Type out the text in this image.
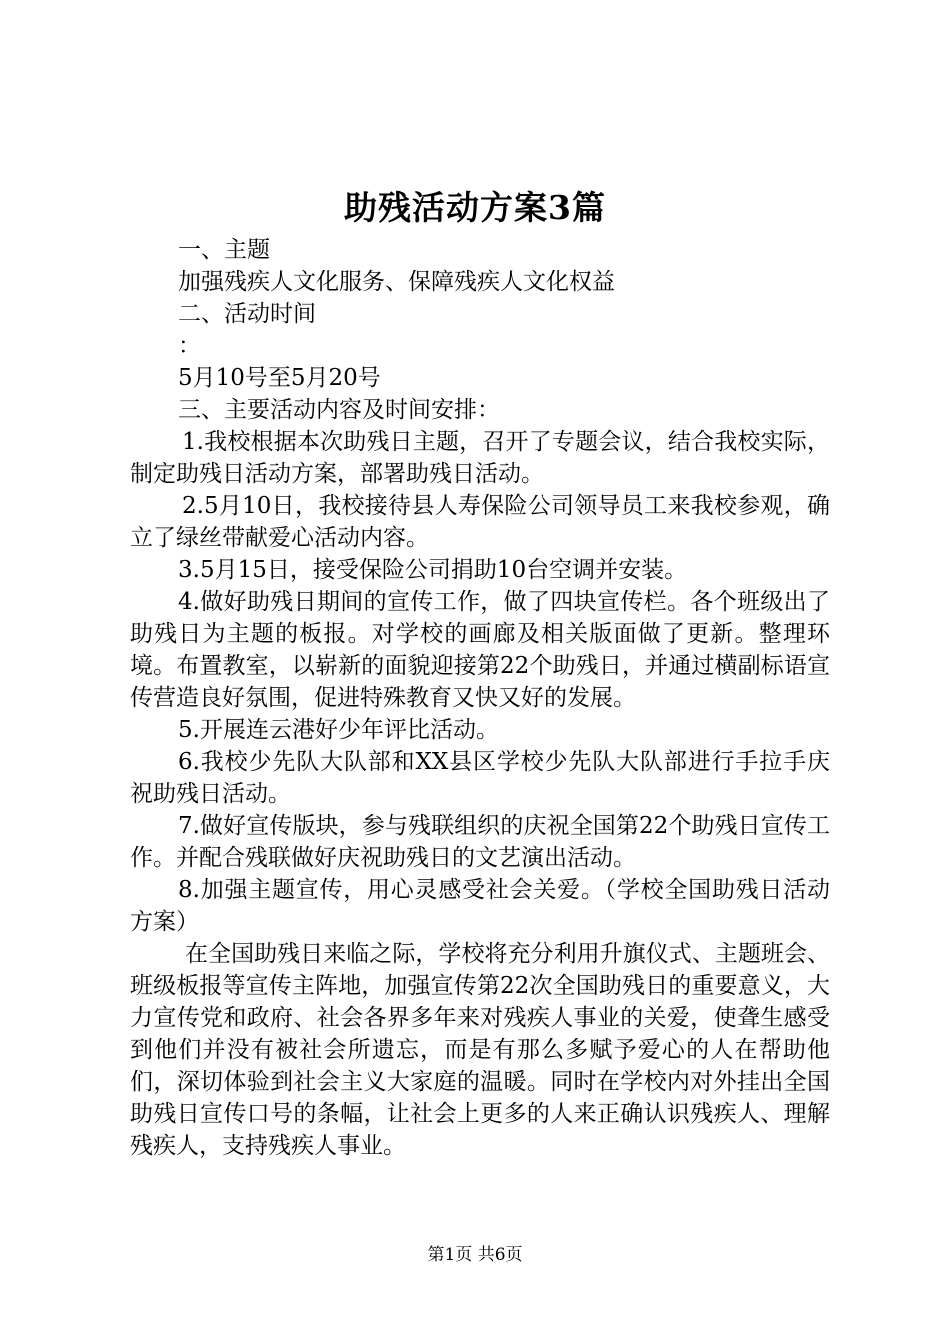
助残活动方案3篇

一、主题

加强残疾人文化服务、保障残疾人文化权益

二、活动时间

：

5月10号至5月20号

三、主要活动内容及时间安排：

1.我校根据本次助残日主题，召开了专题会议，结合我校实际，制定助残日活动方案，部署助残日活动。

2.5月10日，我校接待县人寿保险公司领导员工来我校参观，确立了绿丝带献爱心活动内容。

3.5月15日，接受保险公司捐助10台空调并安装。

4.做好助残日期间的宣传工作，做了四块宣传栏。各个班级出了助残日为主题的板报。对学校的画廊及相关版面做了更新。整理环境。布置教室，以崭新的面貌迎接第22个助残日，并通过横副标语宣传营造良好氛围，促进特殊教育又快又好的发展。

5.开展连云港好少年评比活动。

6.我校少先队大队部和XX县区学校少先队大队部进行手拉手庆祝助残日活动。

7.做好宣传版块，参与残联组织的庆祝全国第22个助残日宣传工作。并配合残联做好庆祝助残日的文艺演出活动。

8.加强主题宣传，用心灵感受社会关爱。（学校全国助残日活动方案）

在全国助残日来临之际，学校将充分利用升旗仪式、主题班会、班级板报等宣传主阵地，加强宣传第22次全国助残日的重要意义，大力宣传党和政府、社会各界多年来对残疾人事业的关爱，使聋生感受到他们并没有被社会所遗忘，而是有那么多赋予爱心的人在帮助他们，深切体验到社会主义大家庭的温暖。同时在学校内对外挂出全国助残日宣传口号的条幅，让社会上更多的人来正确认识残疾人、理解残疾人，支持残疾人事业。

第1页 共6页
